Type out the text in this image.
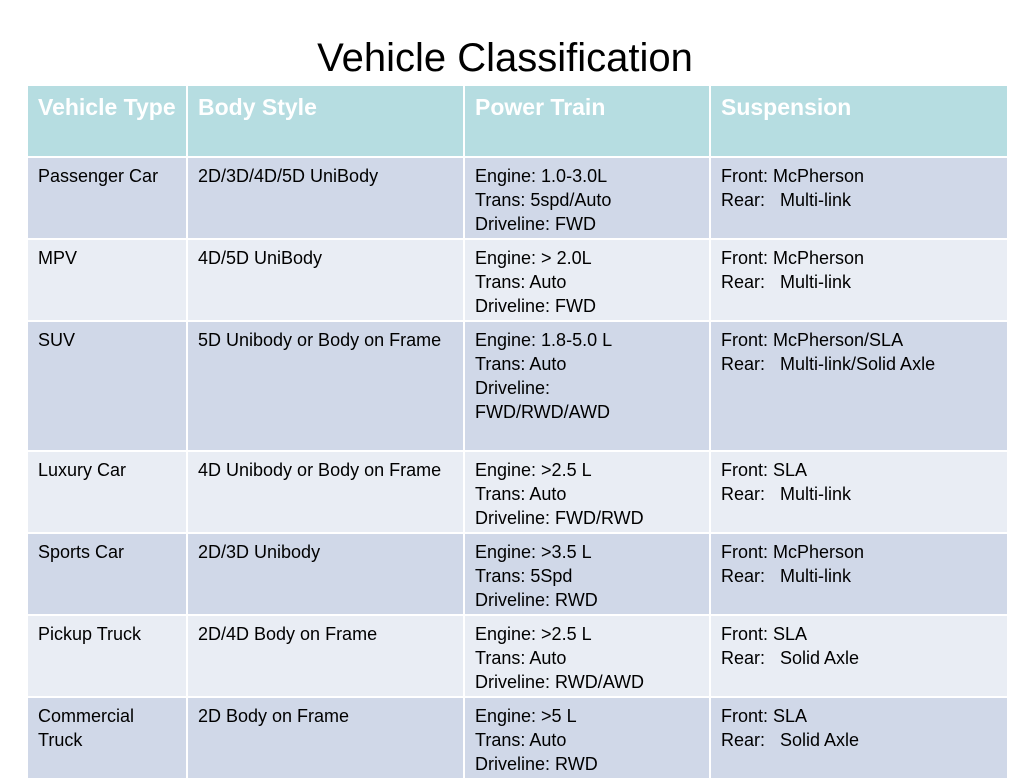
Vehicle Classification
Vehicle Type	Body Style	Power Train	Suspension

Passenger Car	2D/3D/4D/5D UniBody	Engine: 1.0-3.0L
Trans: 5spd/Auto
Driveline: FWD	Front: McPherson
Rear:   Multi-link

MPV	4D/5D UniBody	Engine: > 2.0L
Trans: Auto
Driveline: FWD	Front: McPherson
Rear:   Multi-link

SUV	5D Unibody or Body on Frame	Engine: 1.8-5.0 L
Trans: Auto
Driveline:
FWD/RWD/AWD	Front: McPherson/SLA
Rear:   Multi-link/Solid Axle

Luxury Car	4D Unibody or Body on Frame	Engine: >2.5 L
Trans: Auto
Driveline: FWD/RWD	Front: SLA
Rear:   Multi-link

Sports Car	2D/3D Unibody	Engine: >3.5 L
Trans: 5Spd
Driveline: RWD	Front: McPherson
Rear:   Multi-link

Pickup Truck	2D/4D Body on Frame	Engine: >2.5 L
Trans: Auto
Driveline: RWD/AWD	Front: SLA
Rear:   Solid Axle

Commercial Truck	2D Body on Frame	Engine: >5 L
Trans: Auto
Driveline: RWD	Front: SLA
Rear:   Solid Axle
